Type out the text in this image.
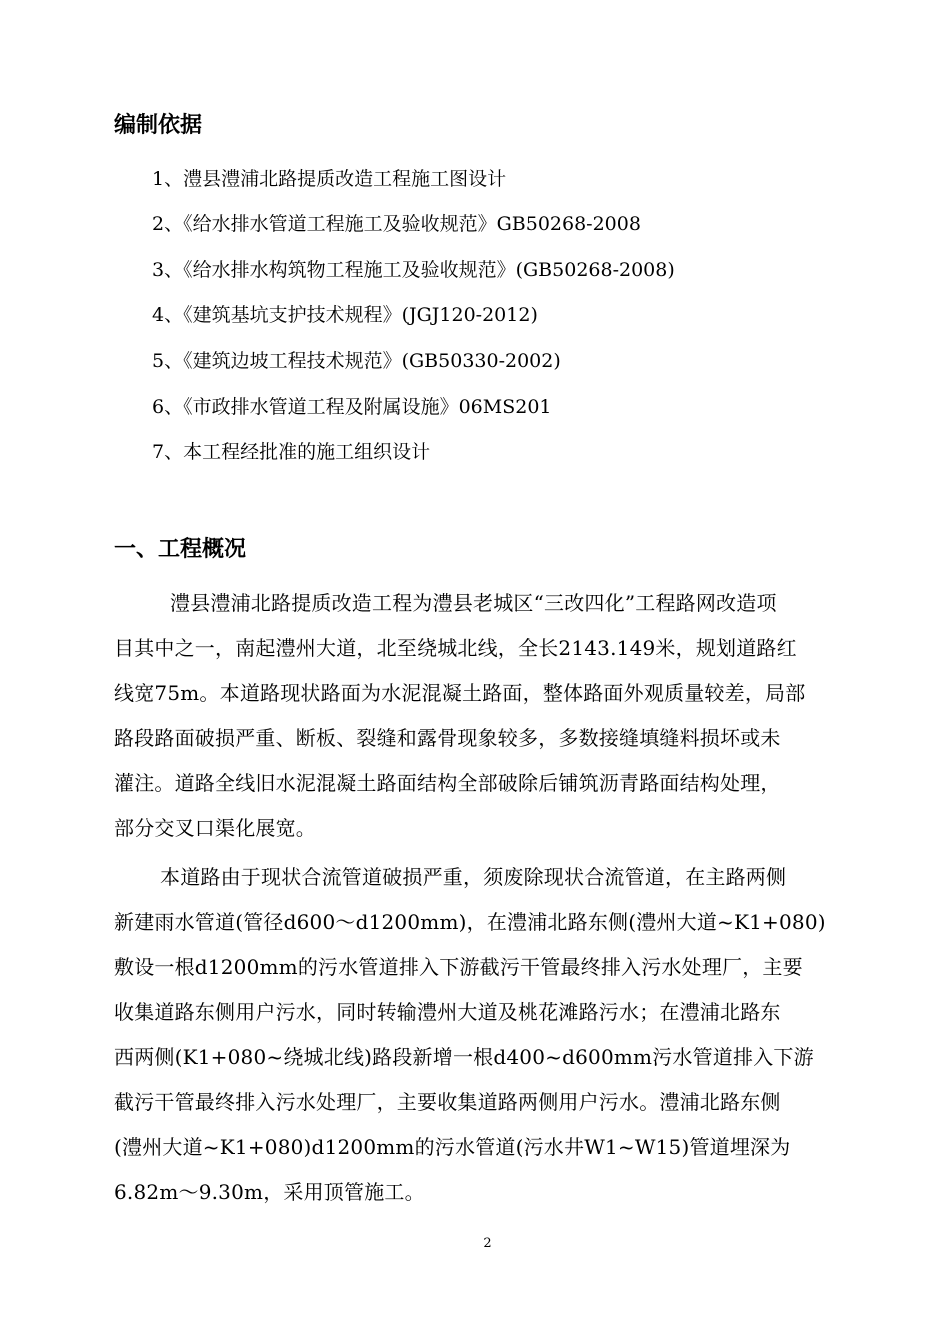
编制依据
1、澧县澧浦北路提质改造工程施工图设计
2、《给水排水管道工程施工及验收规范》GB50268-2008
3、《给水排水构筑物工程施工及验收规范》(GB50268-2008)
4、《建筑基坑支护技术规程》(JGJ120-2012)
5、《建筑边坡工程技术规范》(GB50330-2002)
6、《市政排水管道工程及附属设施》06MS201
7、本工程经批准的施工组织设计
一、工程概况
澧县澧浦北路提质改造工程为澧县老城区“三改四化”工程路网改造项
目其中之一，南起澧州大道，北至绕城北线，全长2143.149米，规划道路红
线宽75m。本道路现状路面为水泥混凝土路面，整体路面外观质量较差，局部
路段路面破损严重、断板、裂缝和露骨现象较多，多数接缝填缝料损坏或未
灌注。道路全线旧水泥混凝土路面结构全部破除后铺筑沥青路面结构处理，
部分交叉口渠化展宽。
本道路由于现状合流管道破损严重，须废除现状合流管道，在主路两侧
新建雨水管道(管径d600～d1200mm)，在澧浦北路东侧(澧州大道~K1+080)
敷设一根d1200mm的污水管道排入下游截污干管最终排入污水处理厂，主要
收集道路东侧用户污水，同时转输澧州大道及桃花滩路污水；在澧浦北路东
西两侧(K1+080~绕城北线)路段新增一根d400~d600mm污水管道排入下游
截污干管最终排入污水处理厂，主要收集道路两侧用户污水。澧浦北路东侧
(澧州大道~K1+080)d1200mm的污水管道(污水井W1~W15)管道埋深为
6.82m～9.30m，采用顶管施工。
2
